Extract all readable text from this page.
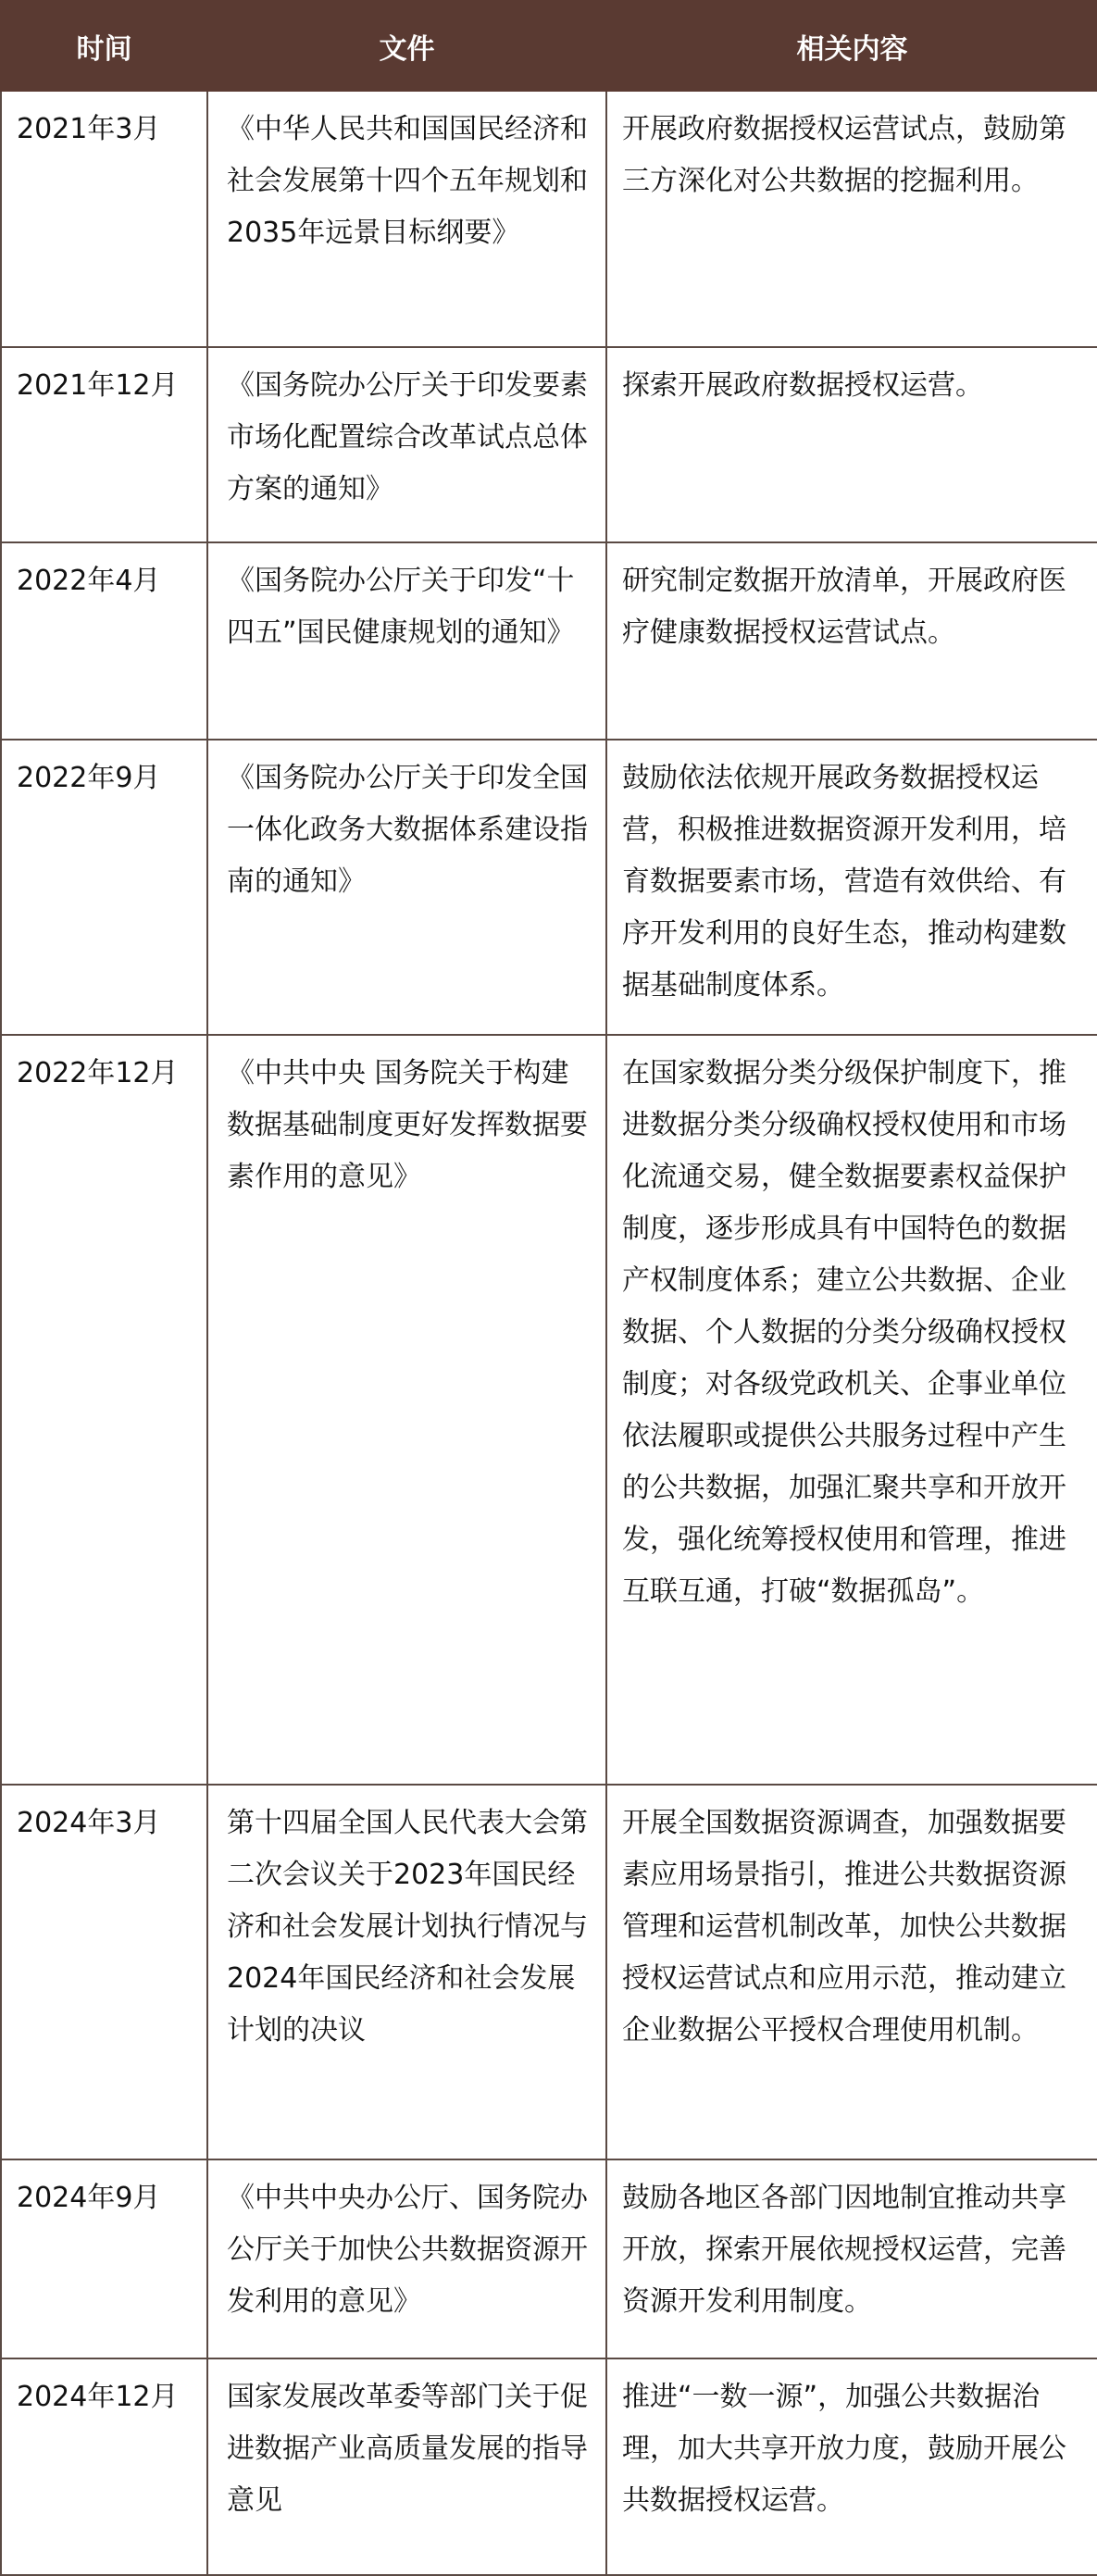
时间	文件	相关内容
2021年3月	《中华人民共和国国民经济和社会发展第十四个五年规划和2035年远景目标纲要》	开展政府数据授权运营试点，鼓励第三方深化对公共数据的挖掘利用。
2021年12月	《国务院办公厅关于印发要素市场化配置综合改革试点总体方案的通知》	探索开展政府数据授权运营。
2022年4月	《国务院办公厅关于印发“十四五”国民健康规划的通知》	研究制定数据开放清单，开展政府医疗健康数据授权运营试点。
2022年9月	《国务院办公厅关于印发全国一体化政务大数据体系建设指南的通知》	鼓励依法依规开展政务数据授权运营，积极推进数据资源开发利用，培育数据要素市场，营造有效供给、有序开发利用的良好生态，推动构建数据基础制度体系。
2022年12月	《中共中央 国务院关于构建数据基础制度更好发挥数据要素作用的意见》	在国家数据分类分级保护制度下，推进数据分类分级确权授权使用和市场化流通交易，健全数据要素权益保护制度，逐步形成具有中国特色的数据产权制度体系；建立公共数据、企业数据、个人数据的分类分级确权授权制度；对各级党政机关、企事业单位依法履职或提供公共服务过程中产生的公共数据，加强汇聚共享和开放开发，强化统筹授权使用和管理，推进互联互通，打破“数据孤岛”。
2024年3月	第十四届全国人民代表大会第二次会议关于2023年国民经济和社会发展计划执行情况与2024年国民经济和社会发展计划的决议	开展全国数据资源调查，加强数据要素应用场景指引，推进公共数据资源管理和运营机制改革，加快公共数据授权运营试点和应用示范，推动建立企业数据公平授权合理使用机制。
2024年9月	《中共中央办公厅、国务院办公厅关于加快公共数据资源开发利用的意见》	鼓励各地区各部门因地制宜推动共享开放，探索开展依规授权运营，完善资源开发利用制度。
2024年12月	国家发展改革委等部门关于促进数据产业高质量发展的指导意见	推进“一数一源”，加强公共数据治理，加大共享开放力度，鼓励开展公共数据授权运营。
